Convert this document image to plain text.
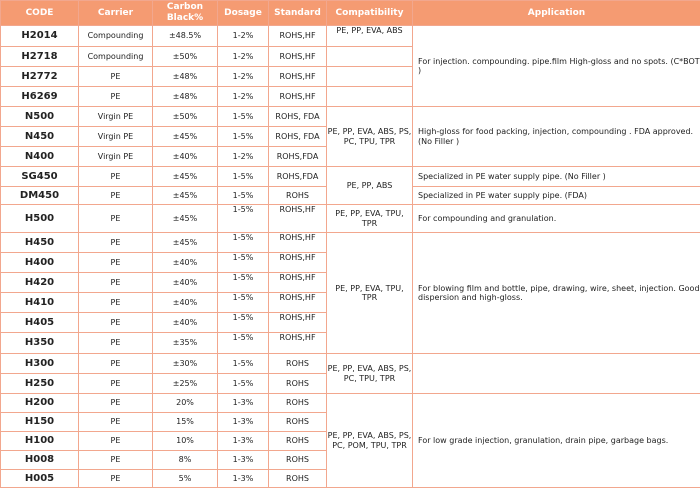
CODE	Carrier	Carbon Black%	Dosage	Standard	Compatibility	Application
H2014	Compounding	±48.5%	1-2%	ROHS,HF	PE, PP, EVA, ABS	For injection. compounding. pipe.film High-gloss and no spots. (C*BOT )
H2718	Compounding	±50%	1-2%	ROHS,HF		
H2772	PE	±48%	1-2%	ROHS,HF		
H6269	PE	±48%	1-2%	ROHS,HF		
N500	Virgin PE	±50%	1-5%	ROHS, FDA	PE, PP, EVA, ABS, PS, PC, TPU, TPR	High-gloss for food packing, injection, compounding . FDA approved. (No Filler )
N450	Virgin PE	±45%	1-5%	ROHS, FDA		
N400	Virgin PE	±40%	1-2%	ROHS,FDA		
SG450	PE	±45%	1-5%	ROHS,FDA	PE, PP, ABS	Specialized in PE water supply pipe. (No Filler )
DM450	PE	±45%	1-5%	ROHS		Specialized in PE water supply pipe. (FDA)
H500	PE	±45%	1-5%	ROHS,HF	PE, PP, EVA, TPU, TPR	For compounding and granulation.
H450	PE	±45%	1-5%	ROHS,HF	PE, PP, EVA, TPU, TPR	For blowing film and bottle, pipe, drawing, wire, sheet, injection. Good dispersion and high-gloss.
H400	PE	±40%	1-5%	ROHS,HF		
H420	PE	±40%	1-5%	ROHS,HF		
H410	PE	±40%	1-5%	ROHS,HF		
H405	PE	±40%	1-5%	ROHS,HF		
H350	PE	±35%	1-5%	ROHS,HF		
H300	PE	±30%	1-5%	ROHS	PE, PP, EVA, ABS, PS, PC, TPU, TPR	
H250	PE	±25%	1-5%	ROHS		
H200	PE	20%	1-3%	ROHS	PE, PP, EVA, ABS, PS, PC, POM, TPU, TPR	For low grade injection, granulation, drain pipe, garbage bags.
H150	PE	15%	1-3%	ROHS		
H100	PE	10%	1-3%	ROHS		
H008	PE	8%	1-3%	ROHS		
H005	PE	5%	1-3%	ROHS		
